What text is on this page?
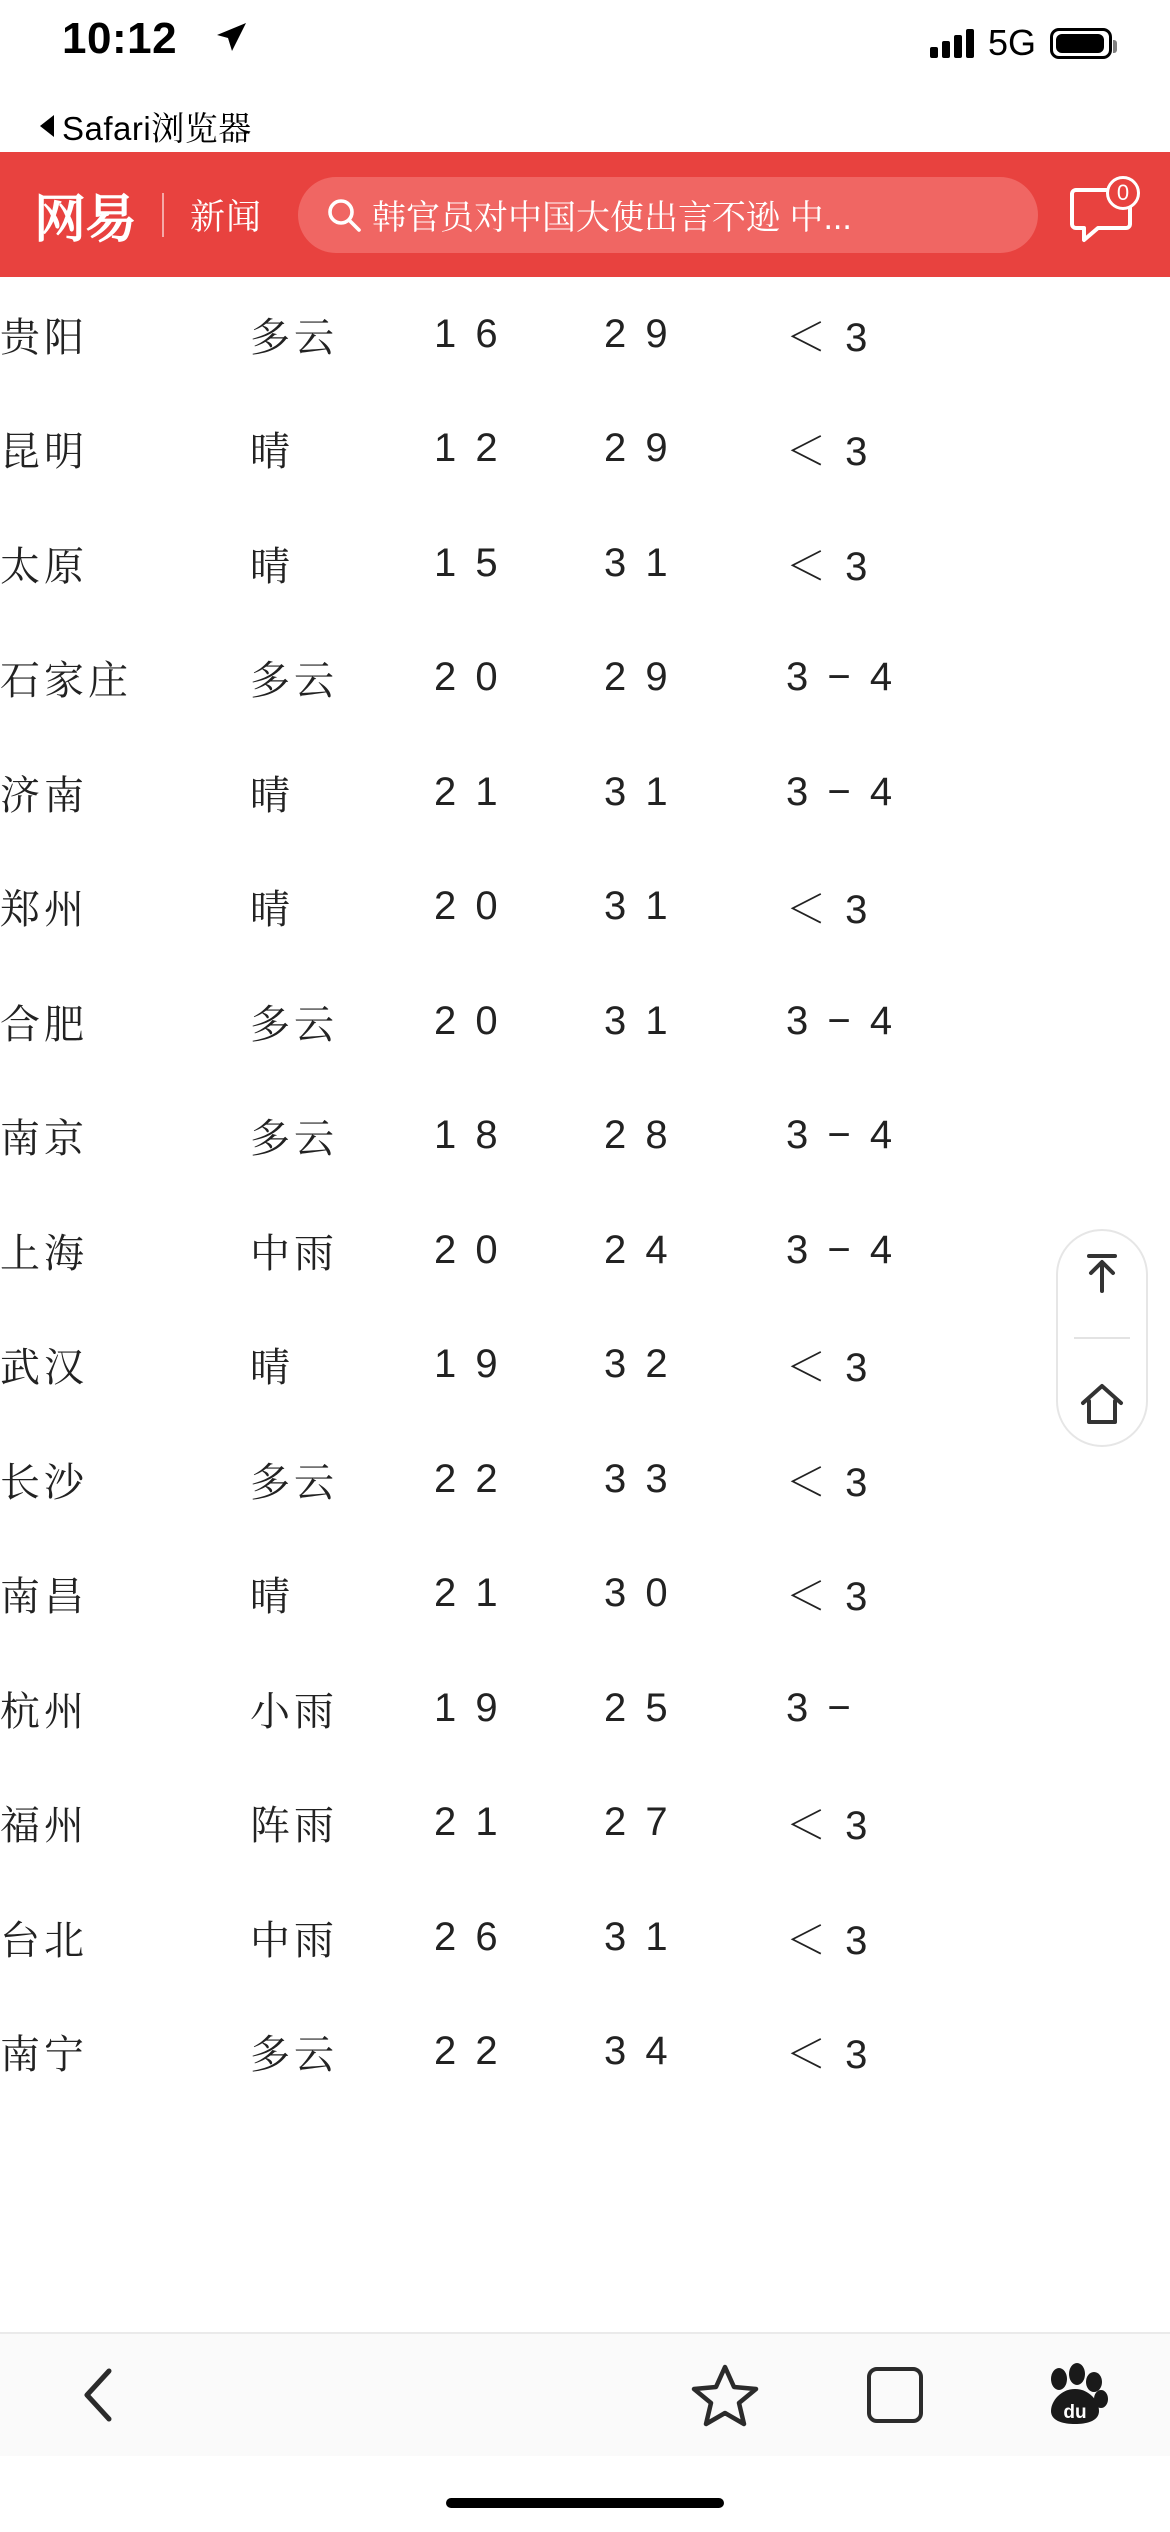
10:12	5G
Safari浏览器
网易 新闻	韩官员对中国大使出言不逊 中...
0
贵阳	多云	1 6	2 9	＜ 3
昆明	晴	1 2	2 9	＜ 3
太原	晴	1 5	3 1	＜ 3
石家庄	多云	2 0	2 9	3 − 4
济南	晴	2 1	3 1	3 − 4
郑州	晴	2 0	3 1	＜ 3
合肥	多云	2 0	3 1	3 − 4
南京	多云	1 8	2 8	3 − 4
上海	中雨	2 0	2 4	3 − 4
武汉	晴	1 9	3 2	＜ 3
长沙	多云	2 2	3 3	＜ 3
南昌	晴	2 1	3 0	＜ 3
杭州	小雨	1 9	2 5	3 −
福州	阵雨	2 1	2 7	＜ 3
台北	中雨	2 6	3 1	＜ 3
南宁	多云	2 2	3 4	＜ 3
du
